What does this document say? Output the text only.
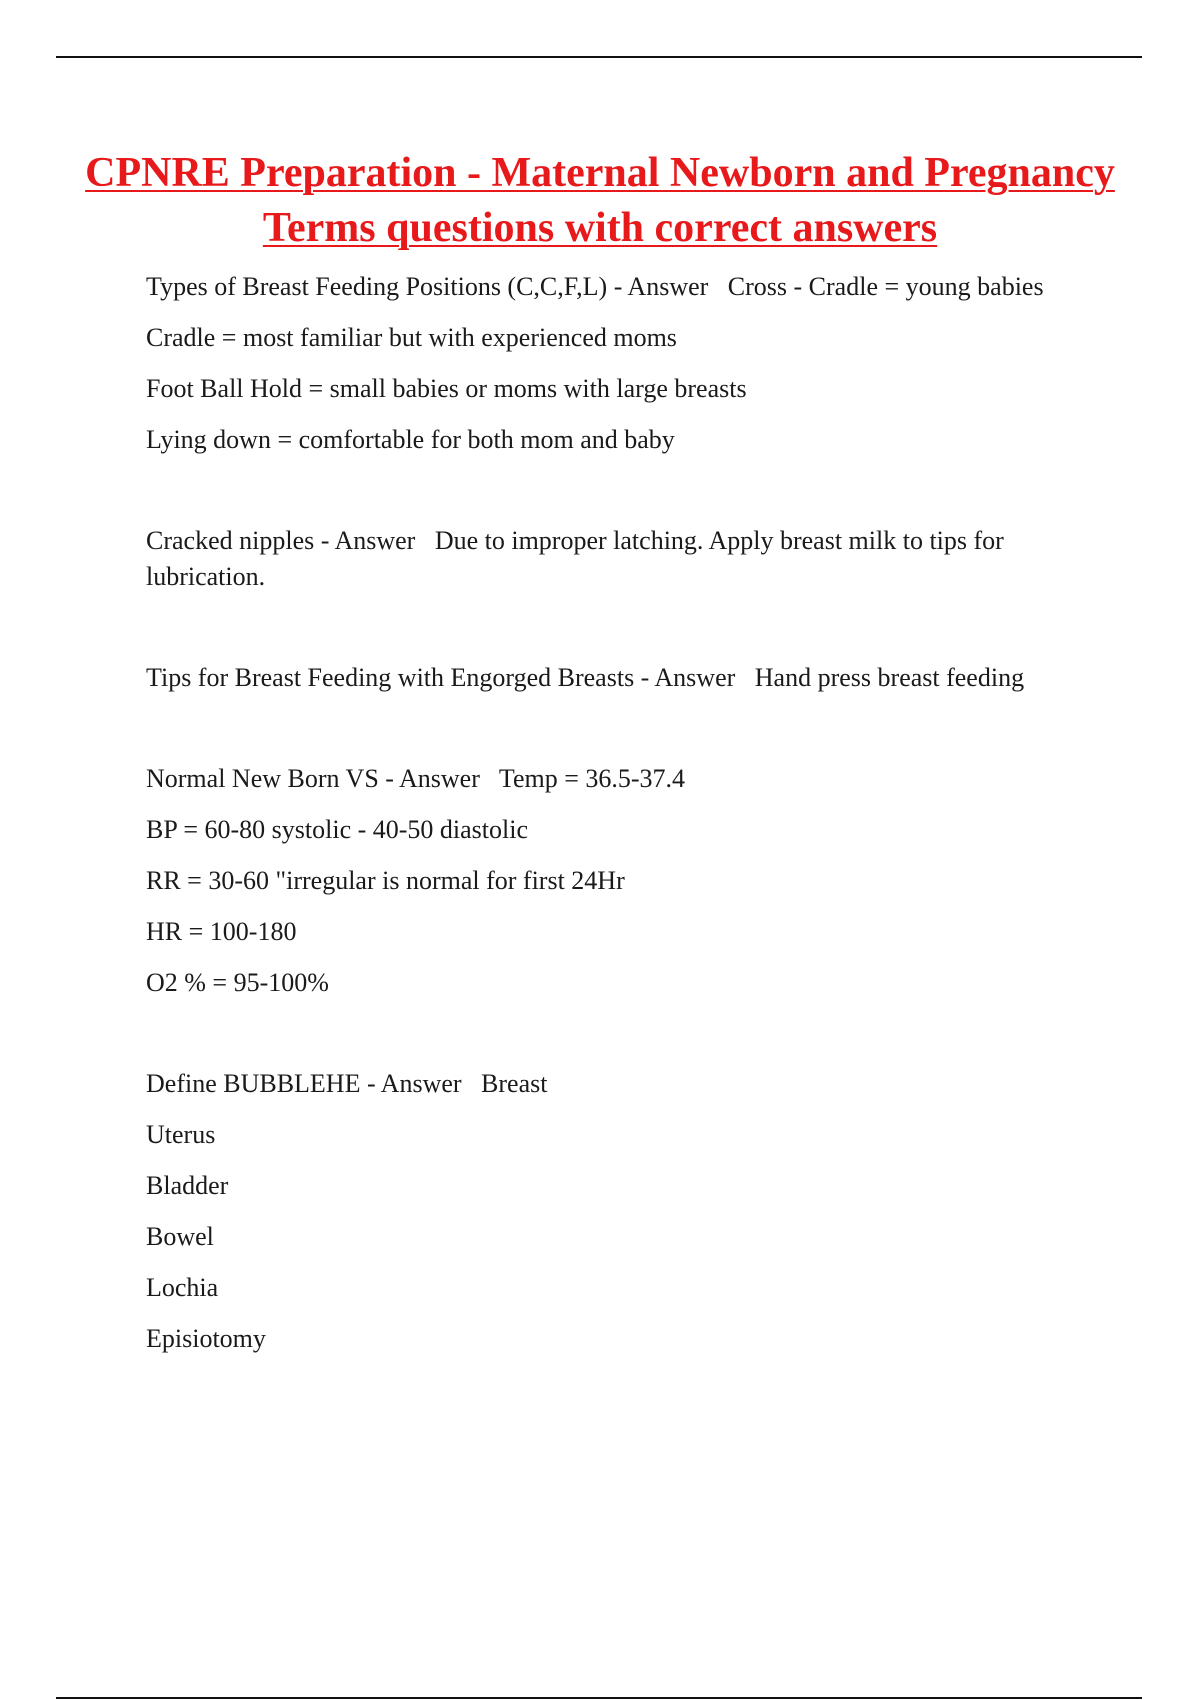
CPNRE Preparation - Maternal Newborn and Pregnancy Terms questions with correct answers

Types of Breast Feeding Positions (C,C,F,L) - Answer   Cross - Cradle = young babies

Cradle = most familiar but with experienced moms

Foot Ball Hold = small babies or moms with large breasts

Lying down = comfortable for both mom and baby

Cracked nipples - Answer   Due to improper latching. Apply breast milk to tips for lubrication.

Tips for Breast Feeding with Engorged Breasts - Answer   Hand press breast feeding

Normal New Born VS - Answer   Temp = 36.5-37.4

BP = 60-80 systolic - 40-50 diastolic

RR = 30-60 "irregular is normal for first 24Hr

HR = 100-180

O2 % = 95-100%

Define BUBBLEHE - Answer   Breast

Uterus

Bladder

Bowel

Lochia

Episiotomy
